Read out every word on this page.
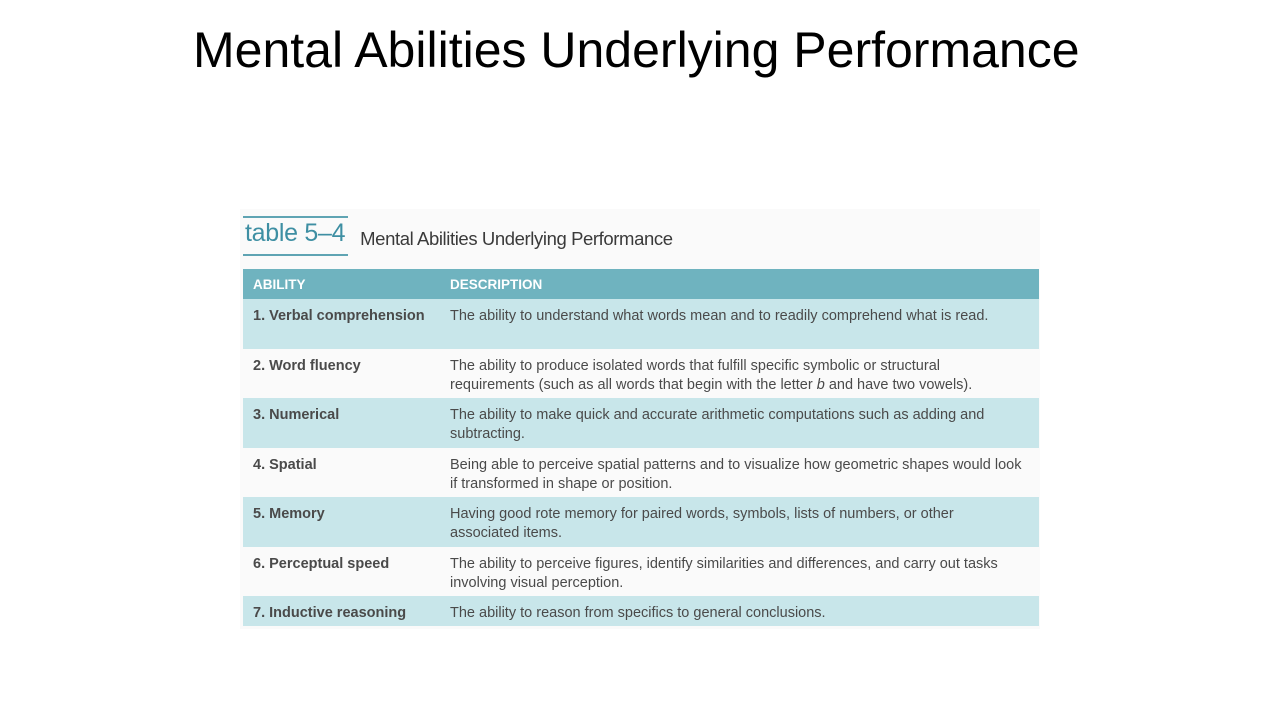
Mental Abilities Underlying Performance
table 5–4 Mental Abilities Underlying Performance
ABILITY	DESCRIPTION
1. Verbal comprehension	The ability to understand what words mean and to readily comprehend what is read.
2. Word fluency	The ability to produce isolated words that fulfill specific symbolic or structural requirements (such as all words that begin with the letter b and have two vowels).
3. Numerical	The ability to make quick and accurate arithmetic computations such as adding and subtracting.
4. Spatial	Being able to perceive spatial patterns and to visualize how geometric shapes would look if transformed in shape or position.
5. Memory	Having good rote memory for paired words, symbols, lists of numbers, or other associated items.
6. Perceptual speed	The ability to perceive figures, identify similarities and differences, and carry out tasks involving visual perception.
7. Inductive reasoning	The ability to reason from specifics to general conclusions.
